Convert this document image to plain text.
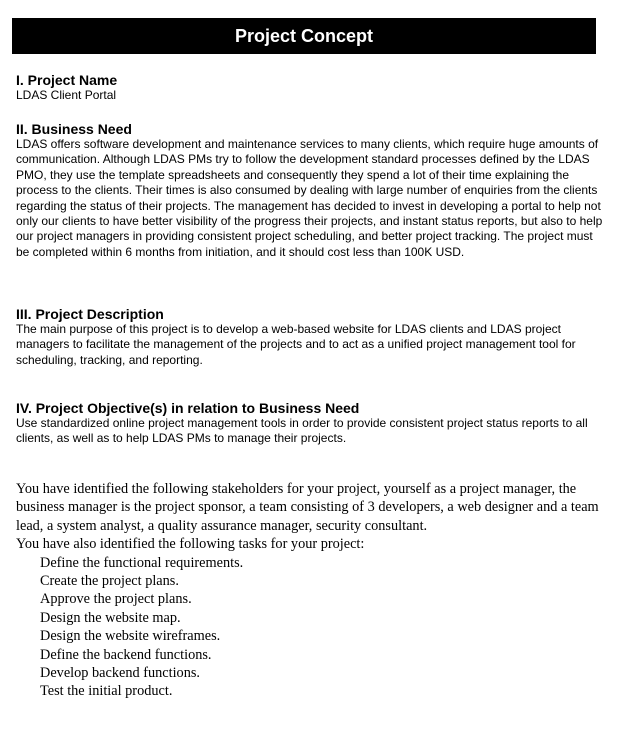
Project Concept
I. Project Name
LDAS Client Portal
II. Business Need
LDAS offers software development and maintenance services to many clients, which require huge amounts of communication. Although LDAS PMs try to follow the development standard processes defined by the LDAS PMO, they use the template spreadsheets and consequently they spend a lot of their time explaining the process to the clients. Their times is also consumed by dealing with large number of enquiries from the clients regarding the status of their projects. The management has decided to invest in developing a portal to help not only our clients to have better visibility of the progress their projects, and instant status reports, but also to help our project managers in providing consistent project scheduling, and better project tracking. The project must be completed within 6 months from initiation, and it should cost less than 100K USD.
III. Project Description
The main purpose of this project is to develop a web-based website for LDAS clients and LDAS project managers to facilitate the management of the projects and to act as a unified project management tool for scheduling, tracking, and reporting.
IV. Project Objective(s) in relation to Business Need
Use standardized online project management tools in order to provide consistent project status reports to all clients, as well as to help LDAS PMs to manage their projects.
You have identified the following stakeholders for your project, yourself as a project manager, the business manager is the project sponsor, a team consisting of 3 developers, a web designer and a team lead, a system analyst, a quality assurance manager, security consultant.
You have also identified the following tasks for your project:
Define the functional requirements.
Create the project plans.
Approve the project plans.
Design the website map.
Design the website wireframes.
Define the backend functions.
Develop backend functions.
Test the initial product.
